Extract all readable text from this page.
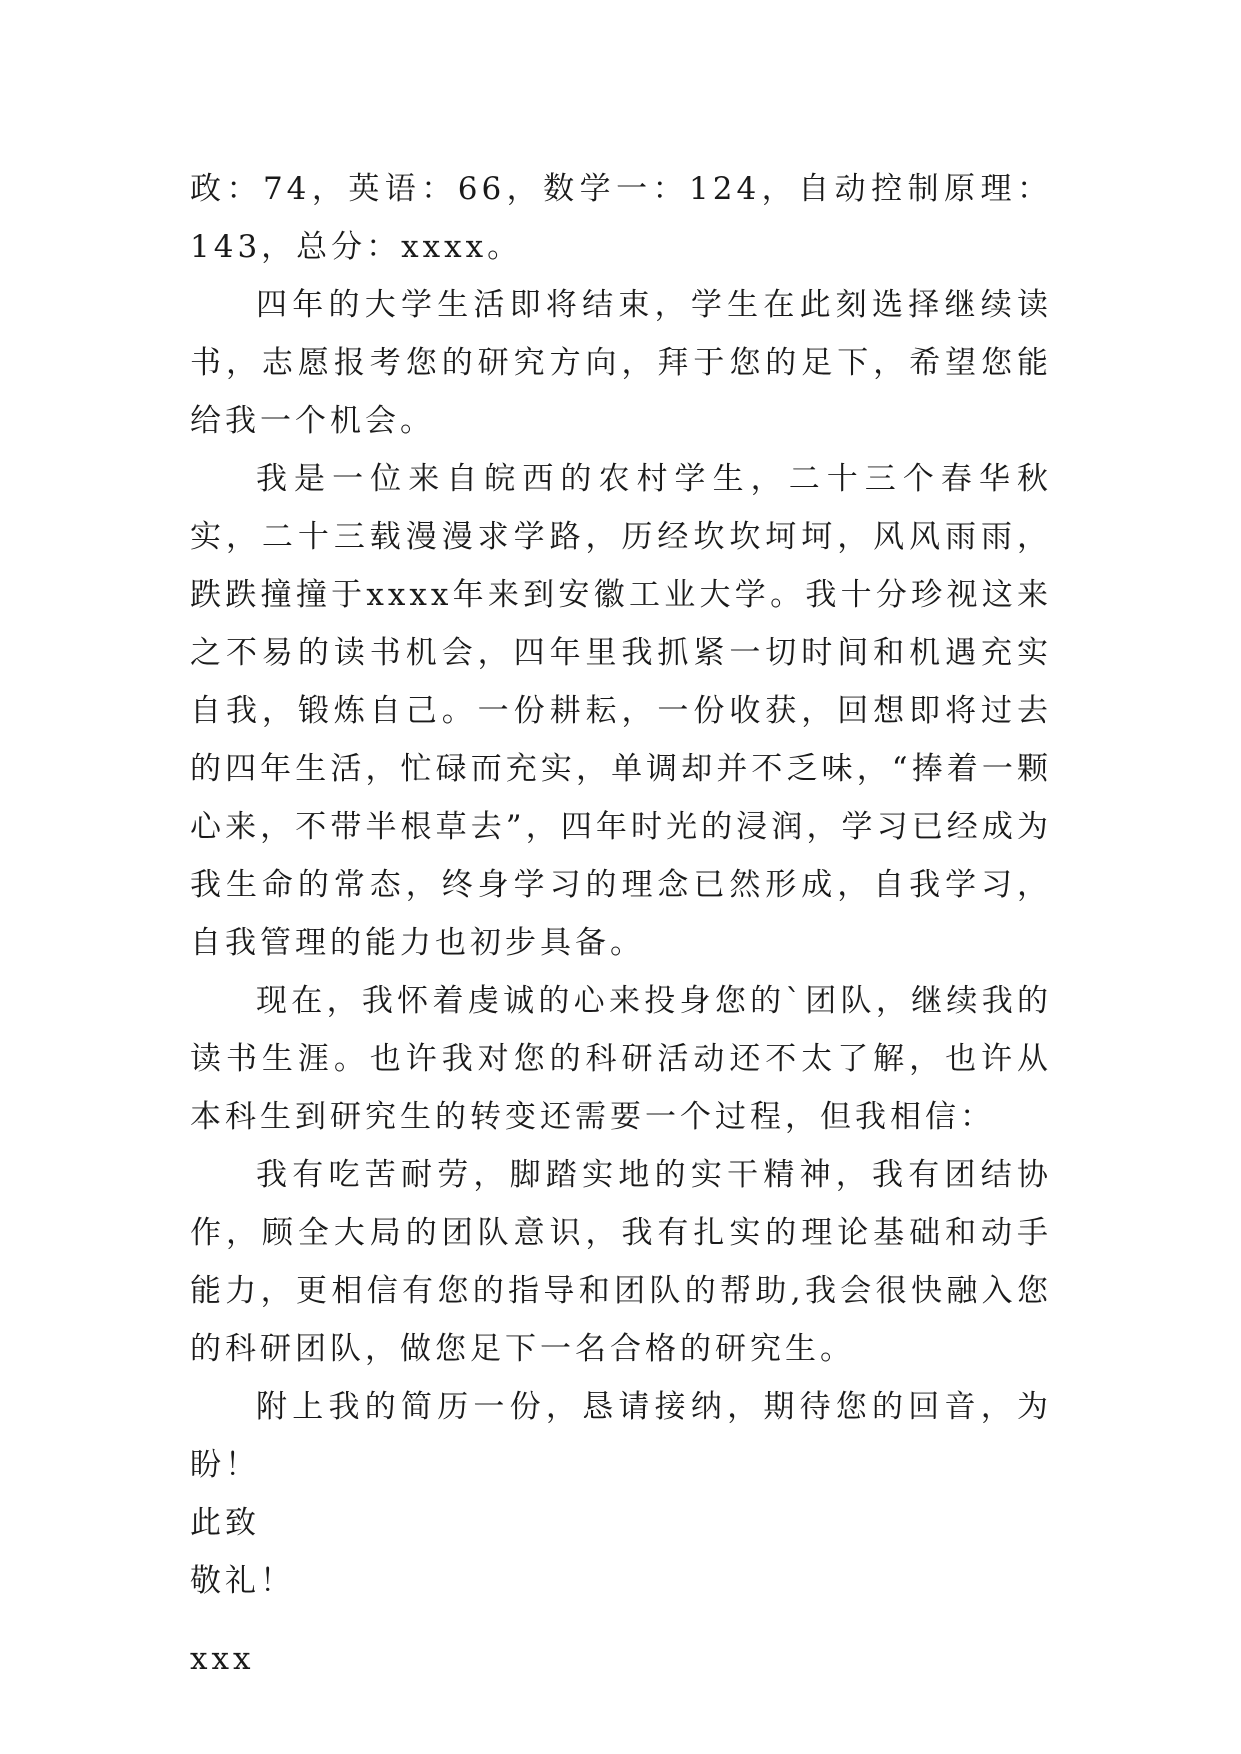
政：74，英语：66，数学一：124，自动控制原理：143，总分：xxxx。

四年的大学生活即将结束，学生在此刻选择继续读书，志愿报考您的研究方向，拜于您的足下，希望您能给我一个机会。

我是一位来自皖西的农村学生，二十三个春华秋实，二十三载漫漫求学路，历经坎坎坷坷，风风雨雨，跌跌撞撞于xxxx年来到安徽工业大学。我十分珍视这来之不易的读书机会，四年里我抓紧一切时间和机遇充实自我，锻炼自己。一份耕耘，一份收获，回想即将过去的四年生活，忙碌而充实，单调却并不乏味，“捧着一颗心来，不带半根草去”，四年时光的浸润，学习已经成为我生命的常态，终身学习的理念已然形成，自我学习，自我管理的能力也初步具备。

现在，我怀着虔诚的心来投身您的`团队，继续我的读书生涯。也许我对您的科研活动还不太了解，也许从本科生到研究生的转变还需要一个过程，但我相信：

我有吃苦耐劳，脚踏实地的实干精神，我有团结协作，顾全大局的团队意识，我有扎实的理论基础和动手能力，更相信有您的指导和团队的帮助,我会很快融入您的科研团队，做您足下一名合格的研究生。

附上我的简历一份，恳请接纳，期待您的回音，为盼！

此致

敬礼！

xxx
